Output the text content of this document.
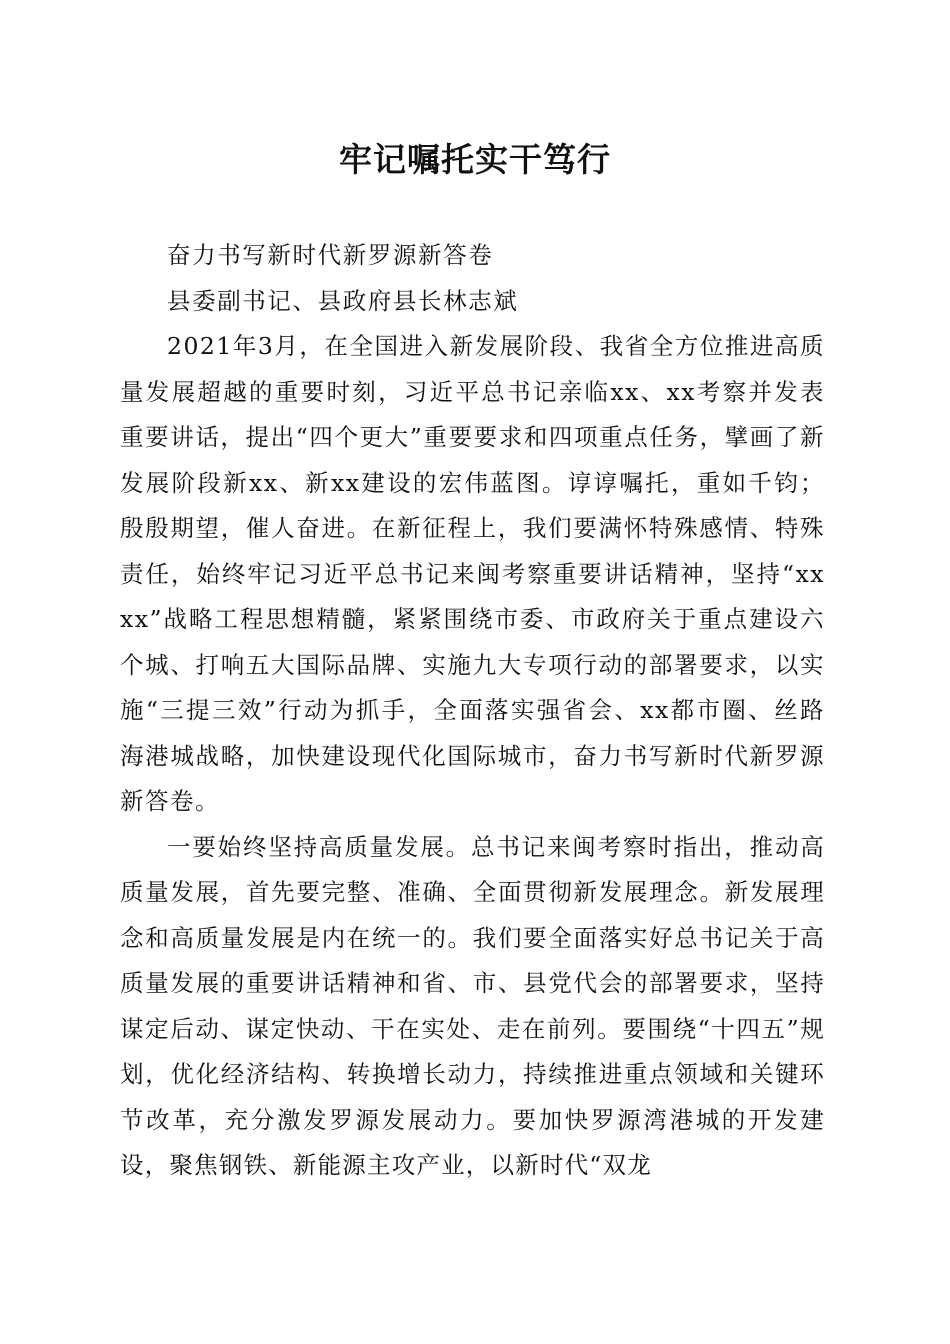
牢记嘱托实干笃行

奋力书写新时代新罗源新答卷

县委副书记、县政府县长林志斌

2021年3月，在全国进入新发展阶段、我省全方位推进高质量发展超越的重要时刻，习近平总书记亲临xx、xx考察并发表重要讲话，提出“四个更大”重要要求和四项重点任务，擘画了新发展阶段新xx、新xx建设的宏伟蓝图。谆谆嘱托，重如千钧；殷殷期望，催人奋进。在新征程上，我们要满怀特殊感情、特殊责任，始终牢记习近平总书记来闽考察重要讲话精神，坚持“xxxx”战略工程思想精髓，紧紧围绕市委、市政府关于重点建设六个城、打响五大国际品牌、实施九大专项行动的部署要求，以实施“三提三效”行动为抓手，全面落实强省会、xx都市圈、丝路海港城战略，加快建设现代化国际城市，奋力书写新时代新罗源新答卷。

一要始终坚持高质量发展。总书记来闽考察时指出，推动高质量发展，首先要完整、准确、全面贯彻新发展理念。新发展理念和高质量发展是内在统一的。我们要全面落实好总书记关于高质量发展的重要讲话精神和省、市、县党代会的部署要求，坚持谋定后动、谋定快动、干在实处、走在前列。要围绕“十四五”规划，优化经济结构、转换增长动力，持续推进重点领域和关键环节改革，充分激发罗源发展动力。要加快罗源湾港城的开发建设，聚焦钢铁、新能源主攻产业，以新时代“双龙
